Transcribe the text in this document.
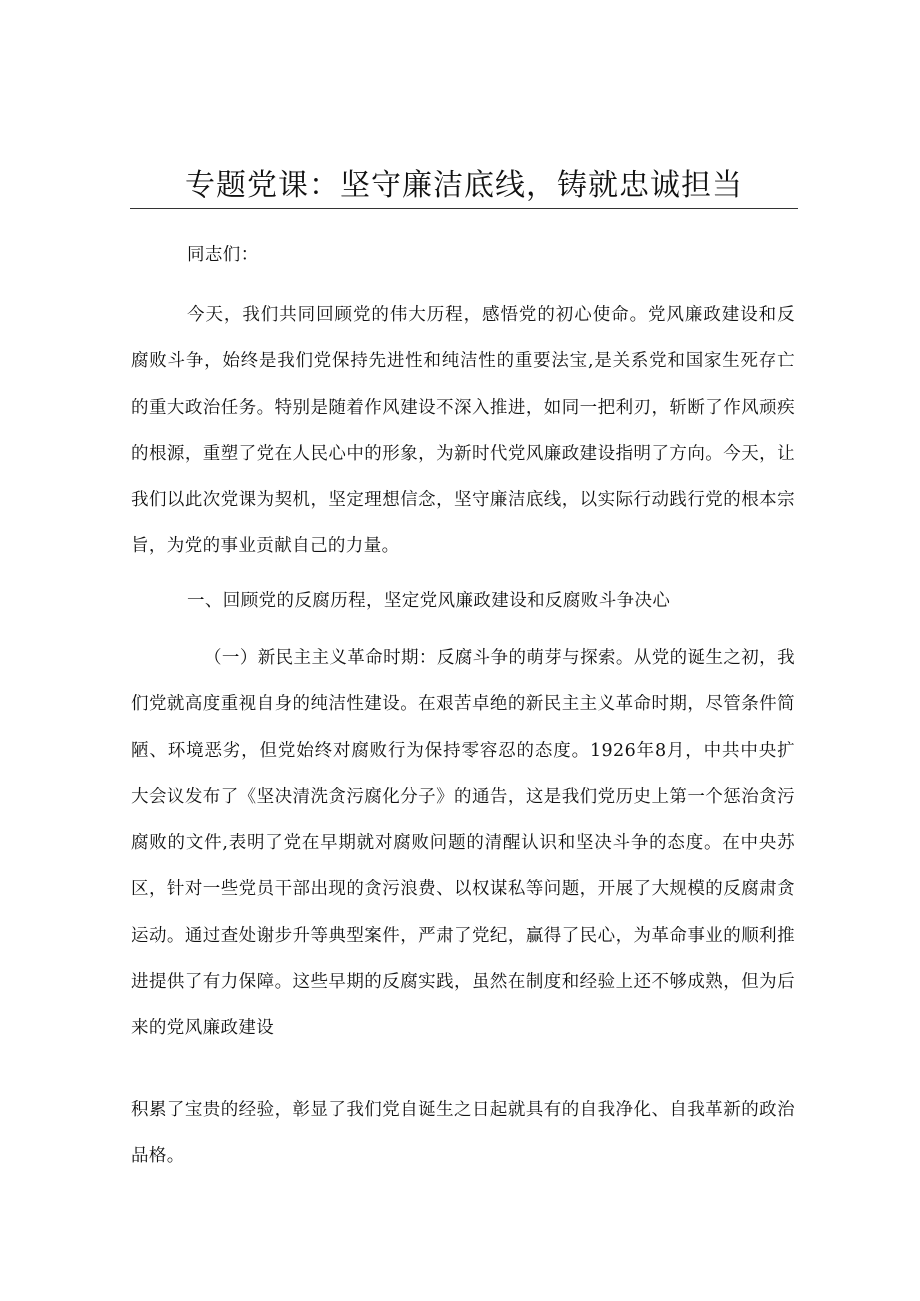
专题党课：坚守廉洁底线，铸就忠诚担当

同志们：

今天，我们共同回顾党的伟大历程，感悟党的初心使命。党风廉政建设和反腐败斗争，始终是我们党保持先进性和纯洁性的重要法宝,是关系党和国家生死存亡的重大政治任务。特别是随着作风建设不深入推进，如同一把利刃，斩断了作风顽疾的根源，重塑了党在人民心中的形象，为新时代党风廉政建设指明了方向。今天，让我们以此次党课为契机，坚定理想信念，坚守廉洁底线，以实际行动践行党的根本宗旨，为党的事业贡献自己的力量。

一、回顾党的反腐历程，坚定党风廉政建设和反腐败斗争决心

（一）新民主主义革命时期：反腐斗争的萌芽与探索。从党的诞生之初，我们党就高度重视自身的纯洁性建设。在艰苦卓绝的新民主主义革命时期，尽管条件简陋、环境恶劣，但党始终对腐败行为保持零容忍的态度。1926年8月，中共中央扩大会议发布了《坚决清洗贪污腐化分子》的通告，这是我们党历史上第一个惩治贪污腐败的文件,表明了党在早期就对腐败问题的清醒认识和坚决斗争的态度。在中央苏区，针对一些党员干部出现的贪污浪费、以权谋私等问题，开展了大规模的反腐肃贪运动。通过查处谢步升等典型案件，严肃了党纪，赢得了民心，为革命事业的顺利推进提供了有力保障。这些早期的反腐实践，虽然在制度和经验上还不够成熟，但为后来的党风廉政建设

积累了宝贵的经验，彰显了我们党自诞生之日起就具有的自我净化、自我革新的政治品格。
